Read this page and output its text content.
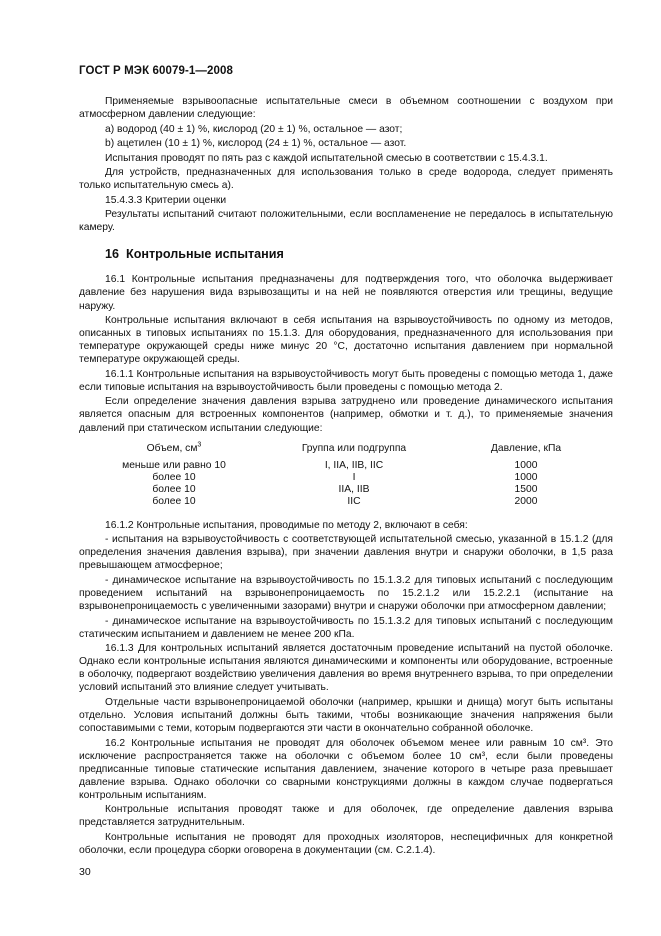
ГОСТ Р МЭК 60079-1—2008

Применяемые взрывоопасные испытательные смеси в объемном соотношении с воздухом при атмосферном давлении следующие:

a) водород (40 ± 1) %, кислород (20 ± 1) %, остальное — азот;

b) ацетилен (10 ± 1) %, кислород (24 ± 1) %, остальное — азот.

Испытания проводят по пять раз с каждой испытательной смесью в соответствии с 15.4.3.1.

Для устройств, предназначенных для использования только в среде водорода, следует применять только испытательную смесь а).

15.4.3.3 Критерии оценки

Результаты испытаний считают положительными, если воспламенение не передалось в испытательную камеру.

16 Контрольные испытания

16.1 Контрольные испытания предназначены для подтверждения того, что оболочка выдерживает давление без нарушения вида взрывозащиты и на ней не появляются отверстия или трещины, ведущие наружу.

Контрольные испытания включают в себя испытания на взрывоустойчивость по одному из методов, описанных в типовых испытаниях по 15.1.3. Для оборудования, предназначенного для использования при температуре окружающей среды ниже минус 20 °С, достаточно испытания давлением при нормальной температуре окружающей среды.

16.1.1 Контрольные испытания на взрывоустойчивость могут быть проведены с помощью метода 1, даже если типовые испытания на взрывоустойчивость были проведены с помощью метода 2.

Если определение значения давления взрыва затруднено или проведение динамического испытания является опасным для встроенных компонентов (например, обмотки и т. д.), то применяемые значения давлений при статическом испытании следующие:

Объем, $см^3$	Группа или подгруппа	Давление, кПа
меньше или равно 10	I, IIA, IIB, IIC	1000
более 10	I	1000
более 10	IIA, IIB	1500
более 10	IIC	2000

16.1.2 Контрольные испытания, проводимые по методу 2, включают в себя:

- испытания на взрывоустойчивость с соответствующей испытательной смесью, указанной в 15.1.2 (для определения значения давления взрыва), при значении давления внутри и снаружи оболочки, в 1,5 раза превышающем атмосферное;

- динамическое испытание на взрывоустойчивость по 15.1.3.2 для типовых испытаний с последующим проведением испытаний на взрывонепроницаемость по 15.2.1.2 или 15.2.2.1 (испытание на взрывонепроницаемость с увеличенными зазорами) внутри и снаружи оболочки при атмосферном давлении;

- динамическое испытание на взрывоустойчивость по 15.1.3.2 для типовых испытаний с последующим статическим испытанием и давлением не менее 200 кПа.

16.1.3 Для контрольных испытаний является достаточным проведение испытаний на пустой оболочке. Однако если контрольные испытания являются динамическими и компоненты или оборудование, встроенные в оболочку, подвергают воздействию увеличения давления во время внутреннего взрыва, то при определении условий испытаний это влияние следует учитывать.

Отдельные части взрывонепроницаемой оболочки (например, крышки и днища) могут быть испытаны отдельно. Условия испытаний должны быть такими, чтобы возникающие значения напряжения были сопоставимыми с теми, которым подвергаются эти части в окончательно собранной оболочке.

16.2 Контрольные испытания не проводят для оболочек объемом менее или равным 10 см³. Это исключение распространяется также на оболочки с объемом более 10 см³, если были проведены предписанные типовые статические испытания давлением, значение которого в четыре раза превышает давление взрыва. Однако оболочки со сварными конструкциями должны в каждом случае подвергаться контрольным испытаниям.

Контрольные испытания проводят также и для оболочек, где определение давления взрыва представляется затруднительным.

Контрольные испытания не проводят для проходных изоляторов, неспецифичных для конкретной оболочки, если процедура сборки оговорена в документации (см. С.2.1.4).

30
